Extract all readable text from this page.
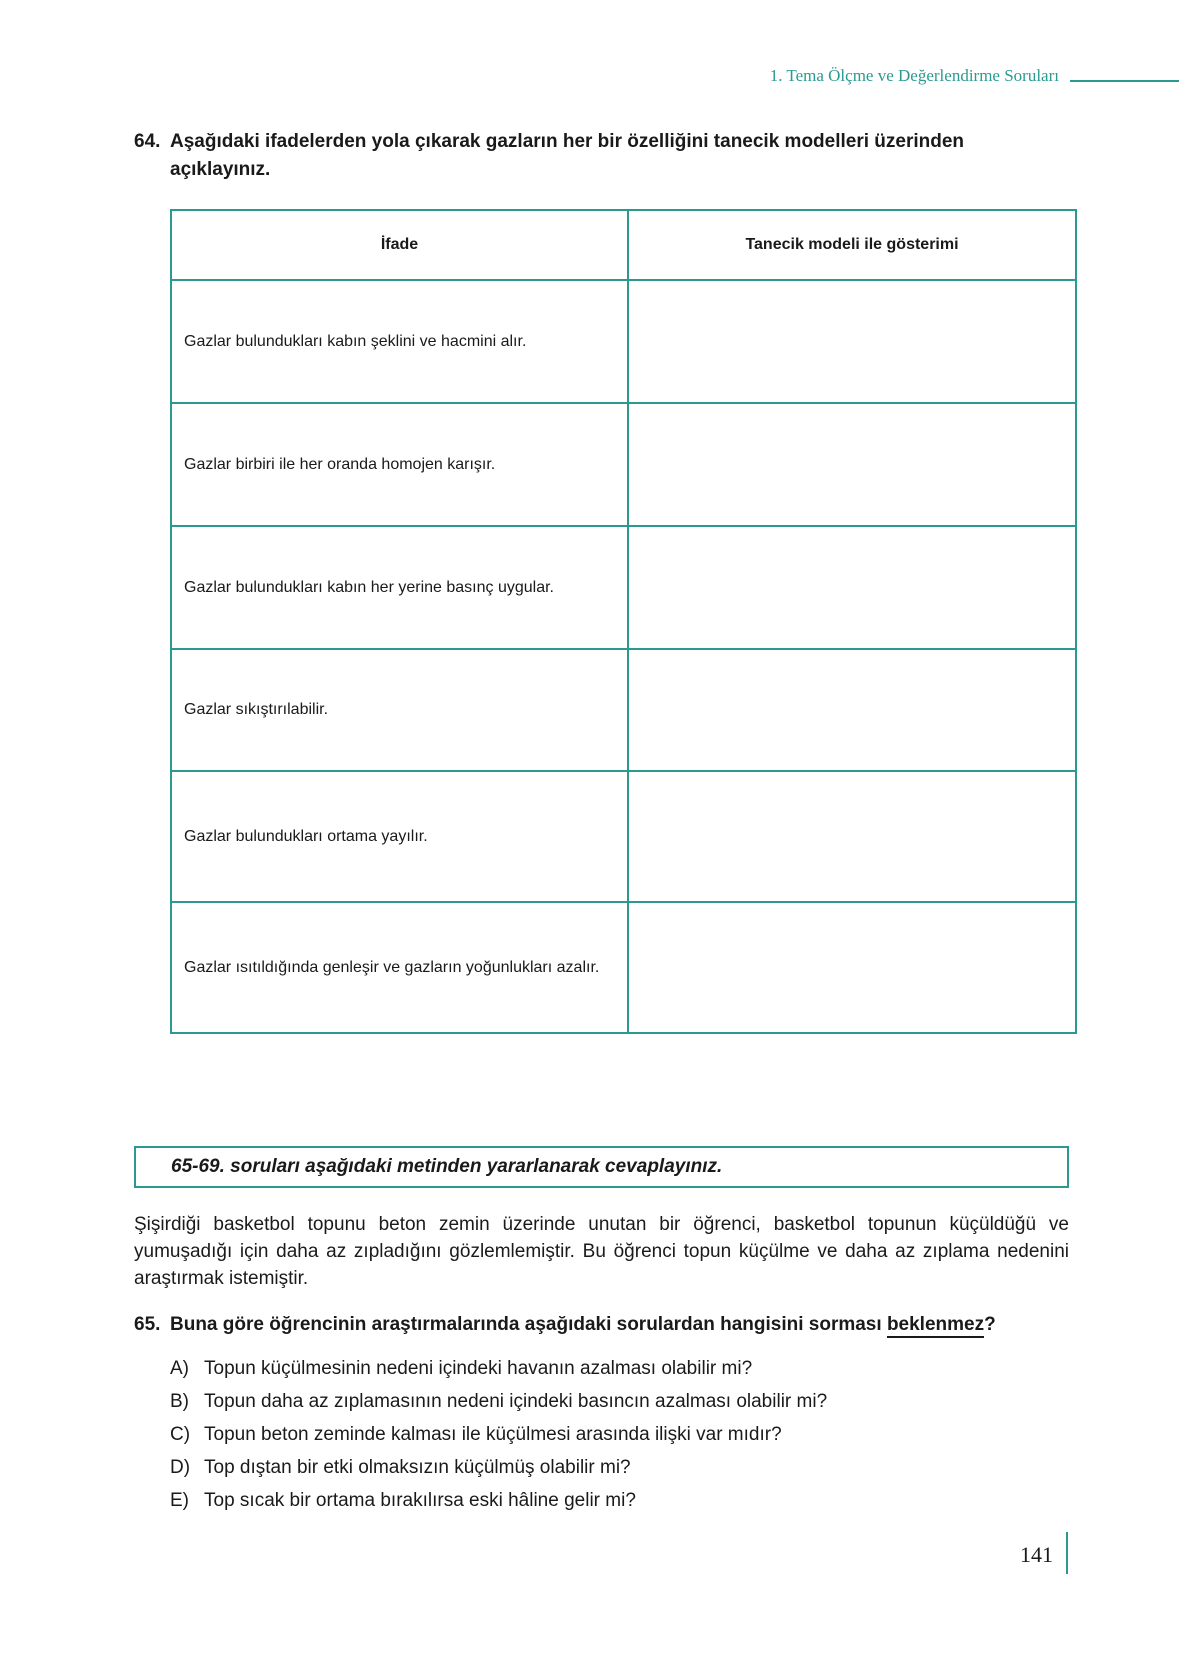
1. Tema Ölçme ve Değerlendirme Soruları
64. Aşağıdaki ifadelerden yola çıkarak gazların her bir özelliğini tanecik modelleri üzerinden açıklayınız.
İfade	Tanecik modeli ile gösterimi
Gazlar bulundukları kabın şeklini ve hacmini alır.	
Gazlar birbiri ile her oranda homojen karışır.	
Gazlar bulundukları kabın her yerine basınç uygular.	
Gazlar sıkıştırılabilir.	
Gazlar bulundukları ortama yayılır.	
Gazlar ısıtıldığında genleşir ve gazların yoğunlukları azalır.	
65-69. soruları aşağıdaki metinden yararlanarak cevaplayınız.
Şişirdiği basketbol topunu beton zemin üzerinde unutan bir öğrenci, basketbol topunun küçüldüğü ve yumuşadığı için daha az zıpladığını gözlemlemiştir. Bu öğrenci topun küçülme ve daha az zıplama nedenini araştırmak istemiştir.
65. Buna göre öğrencinin araştırmalarında aşağıdaki sorulardan hangisini sorması beklenmez?
A) Topun küçülmesinin nedeni içindeki havanın azalması olabilir mi?
B) Topun daha az zıplamasının nedeni içindeki basıncın azalması olabilir mi?
C) Topun beton zeminde kalması ile küçülmesi arasında ilişki var mıdır?
D) Top dıştan bir etki olmaksızın küçülmüş olabilir mi?
E) Top sıcak bir ortama bırakılırsa eski hâline gelir mi?
141
